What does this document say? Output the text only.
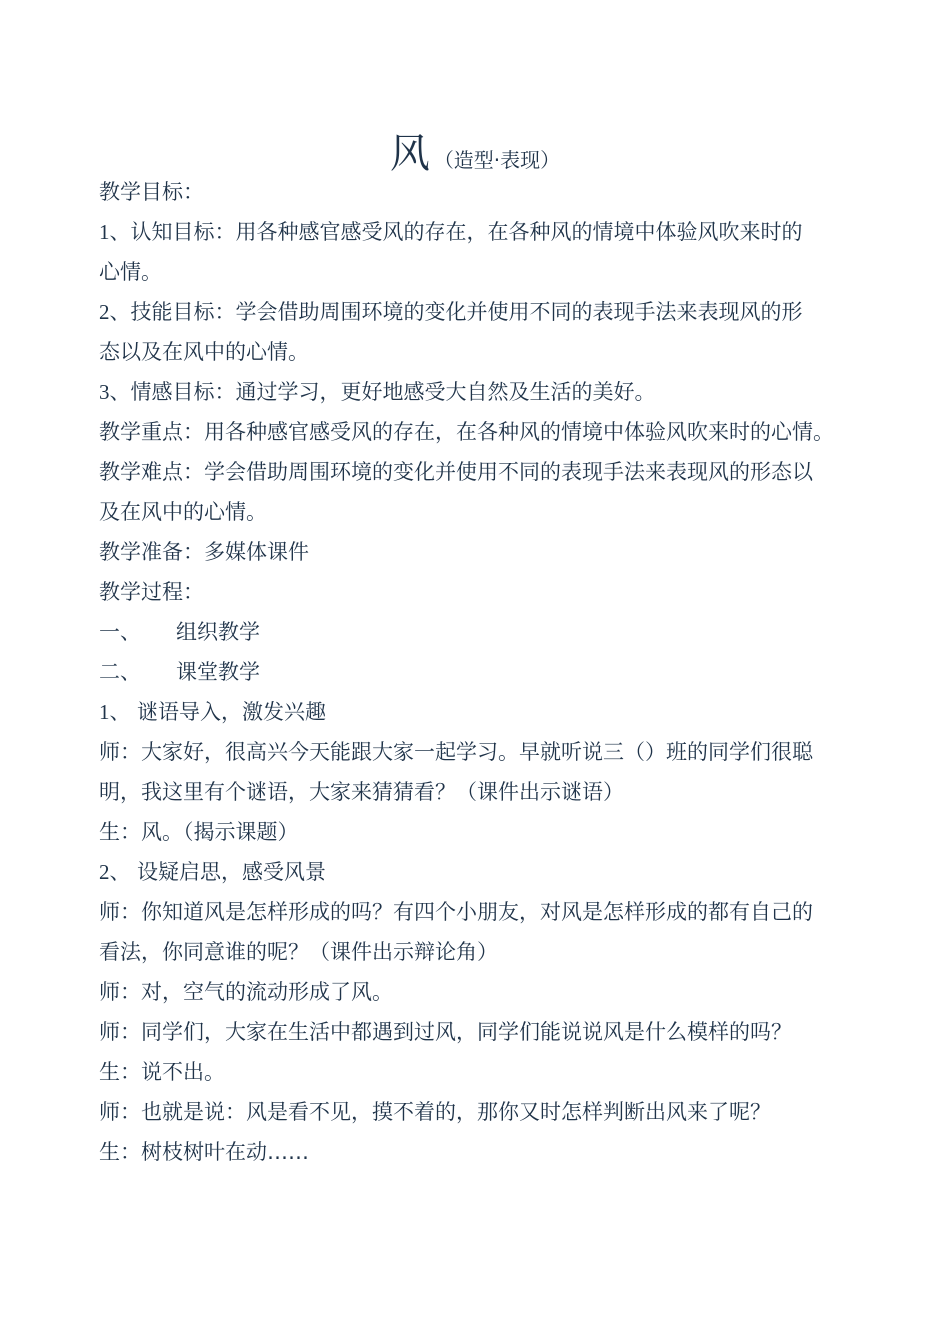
风 （造型·表现）
教学目标：
1、认知目标：用各种感官感受风的存在，在各种风的情境中体验风吹来时的
心情。
2、技能目标：学会借助周围环境的变化并使用不同的表现手法来表现风的形
态以及在风中的心情。
3、情感目标：通过学习，更好地感受大自然及生活的美好。
教学重点：用各种感官感受风的存在，在各种风的情境中体验风吹来时的心情。
教学难点：学会借助周围环境的变化并使用不同的表现手法来表现风的形态以
及在风中的心情。
教学准备：多媒体课件
教学过程：
一、 组织教学
二、 课堂教学
1、 谜语导入，激发兴趣
师：大家好，很高兴今天能跟大家一起学习。早就听说三（）班的同学们很聪
明，我这里有个谜语，大家来猜猜看？（课件出示谜语）
生：风。（揭示课题）
2、 设疑启思，感受风景
师：你知道风是怎样形成的吗？有四个小朋友，对风是怎样形成的都有自己的
看法，你同意谁的呢？（课件出示辩论角）
师：对，空气的流动形成了风。
师：同学们，大家在生活中都遇到过风，同学们能说说风是什么模样的吗？
生：说不出。
师：也就是说：风是看不见，摸不着的，那你又时怎样判断出风来了呢？
生：树枝树叶在动……
